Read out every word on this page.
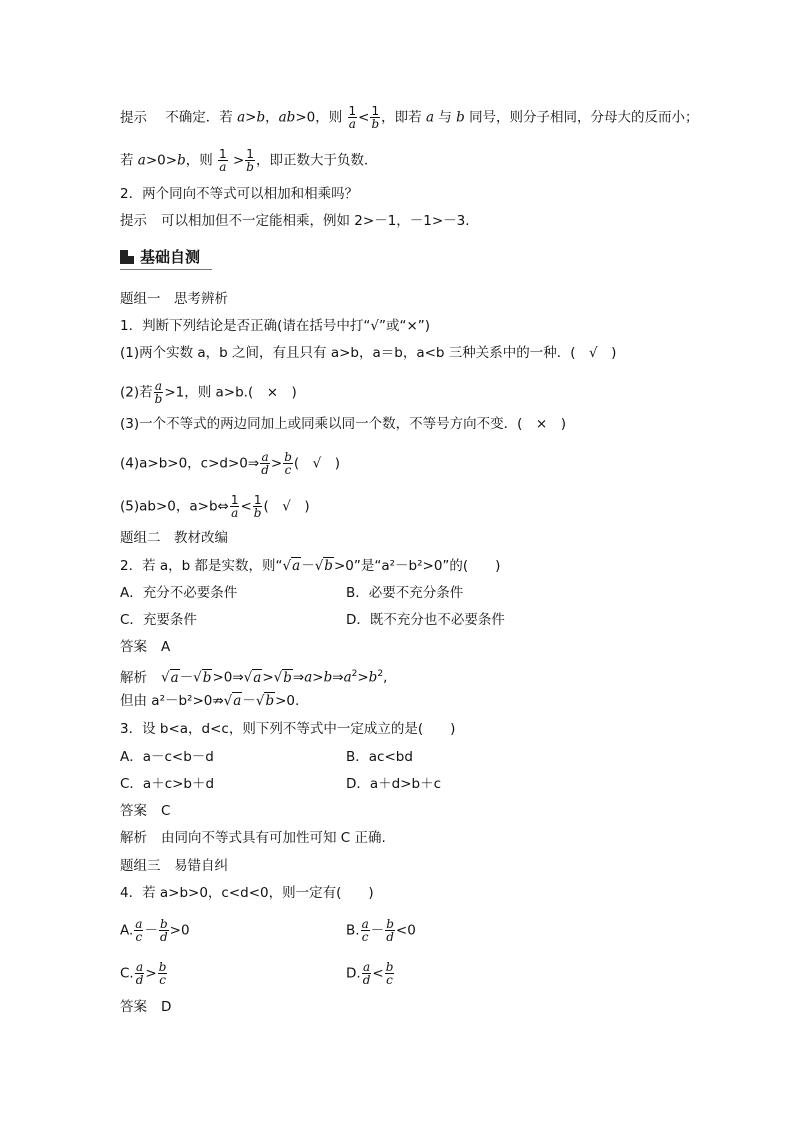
提示 不确定．若 a>b，ab>0，则 $\frac{1}{a} < \frac{1}{b}$ ，即若 a 与 b 同号，则分子相同，分母大的反而小；
若 a>0>b，则 $\frac{1}{a} > \frac{1}{b}$ ，即正数大于负数．
2．两个同向不等式可以相加和相乘吗？
提示 可以相加但不一定能相乘，例如 2>－1，－1>－3.
基础自测
题组一　思考辨析
1．判断下列结论是否正确(请在括号中打“√”或“×”)
(1)两个实数 a，b 之间，有且只有 a>b，a＝b，a<b 三种关系中的一种．(　√　)
(2)若 $\frac{a}{b} >1$，则 a>b.(　×　)
(3)一个不等式的两边同加上或同乘以同一个数，不等号方向不变．(　×　)
(4)a>b>0，c>d>0⇒ $\frac{a}{d} > \frac{b}{c}$ (　√　)
(5)ab>0，a>b⇔ $\frac{1}{a} < \frac{1}{b}$ (　√　)
题组二　教材改编
2．若 a，b 都是实数，则“√a－√b>0”是“a²－b²>0”的(　　)
A．充分不必要条件	B．必要不充分条件
C．充要条件	D．既不充分也不必要条件
答案 A
解析 $√a-√b>0\Rightarrow√a>√b\Rightarrow a>b\Rightarrow a^2>b^2$,
但由 a²－b²>0⇏√a－√b>0.
3．设 b<a，d<c，则下列不等式中一定成立的是(　　)
A．a－c<b－d	B．ac<bd
C．a＋c>b＋d	D．a＋d>b＋c
答案 C
解析 由同向不等式具有可加性可知 C 正确.
题组三　易错自纠
4．若 a>b>0，c<d<0，则一定有(　　)
A. $\frac{a}{c} - \frac{b}{d} >0$	B. $\frac{a}{c} - \frac{b}{d} <0$
C. $\frac{a}{d} > \frac{b}{c}$	D. $\frac{a}{d} < \frac{b}{c}$
答案 D
